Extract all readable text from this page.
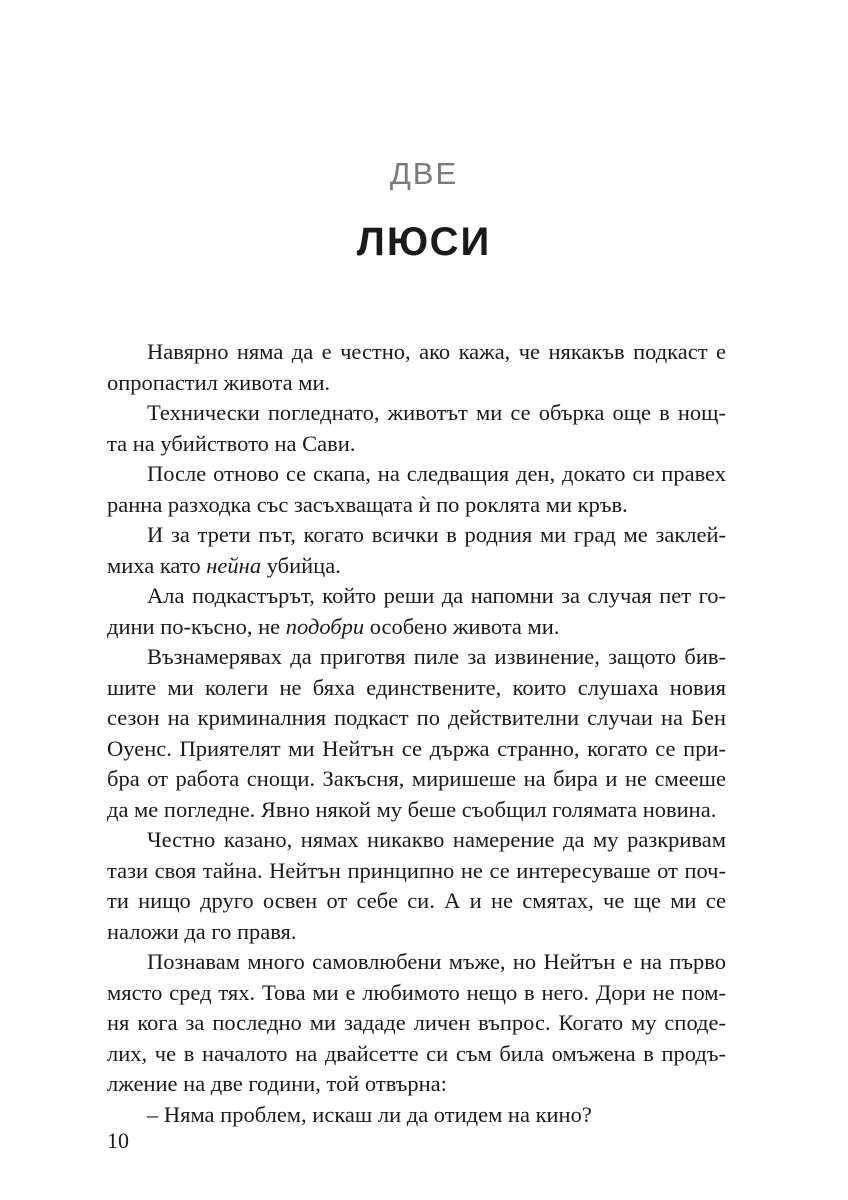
ДВЕ
ЛЮСИ
Навярно няма да е честно, ако кажа, че някакъв подкаст е
опропастил живота ми.
Технически погледнато, животът ми се обърка още в нощ-
та на убийството на Сави.
После отново се скапа, на следващия ден, докато си правех
ранна разходка със засъхващата ѝ по роклята ми кръв.
И за трети път, когато всички в родния ми град ме заклей-
миха като нейна убийца.
Ала подкастърът, който реши да напомни за случая пет го-
дини по-късно, не подобри особено живота ми.
Възнамерявах да приготвя пиле за извинение, защото бив-
шите ми колеги не бяха единствените, които слушаха новия
сезон на криминалния подкаст по действителни случаи на Бен
Оуенс. Приятелят ми Нейтън се държа странно, когато се при-
бра от работа снощи. Закъсня, миришеше на бира и не смееше
да ме погледне. Явно някой му беше съобщил голямата новина.
Честно казано, нямах никакво намерение да му разкривам
тази своя тайна. Нейтън принципно не се интересуваше от поч-
ти нищо друго освен от себе си. А и не смятах, че ще ми се
наложи да го правя.
Познавам много самовлюбени мъже, но Нейтън е на първо
място сред тях. Това ми е любимото нещо в него. Дори не пом-
ня кога за последно ми зададе личен въпрос. Когато му споде-
лих, че в началото на двайсетте си съм била омъжена в продъ-
лжение на две години, той отвърна:
– Няма проблем, искаш ли да отидем на кино?
10
